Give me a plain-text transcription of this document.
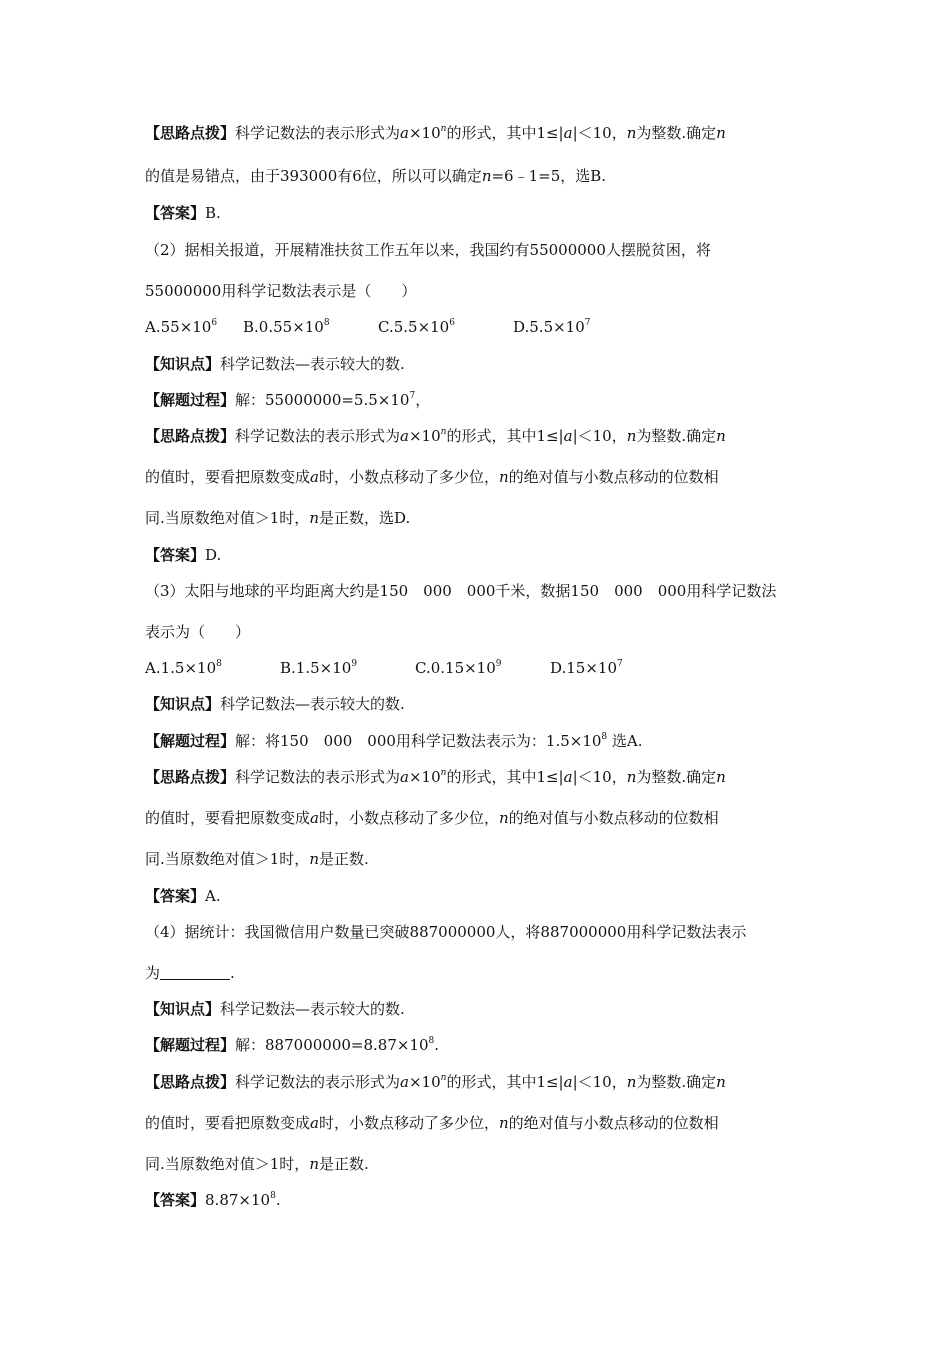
【思路点拨】科学记数法的表示形式为$a\times 10^n$的形式，其中1≤|a|＜10，n为整数.确定n
的值是易错点，由于393000有6位，所以可以确定n=6﹣1=5，选B.
【答案】B.
（2）据相关报道，开展精准扶贫工作五年以来，我国约有55000000人摆脱贫困，将
55000000用科学记数法表示是（　　）
$A.55\times 10^6$ $B.0.55\times 10^8$	$C.5.5\times 10^6$	$D.5.5\times 10^7$
【知识点】科学记数法—表示较大的数.
【解题过程】解：$55000000=5.5\times 10^7$，
【思路点拨】科学记数法的表示形式为$a\times 10^n$的形式，其中1≤|a|＜10，n为整数.确定n
的值时，要看把原数变成a时，小数点移动了多少位，n的绝对值与小数点移动的位数相
同.当原数绝对值＞1时，n是正数，选D.
【答案】D.
（3）太阳与地球的平均距离大约是150　000　000千米，数据150　000　000用科学记数法
表示为（　　）
$A.1.5\times 10^8$	$B.1.5\times 10^9$	$C.0.15\times 10^9$	$D.15\times 10^7$
【知识点】科学记数法—表示较大的数.
【解题过程】解：将150　000　000用科学记数法表示为：$1.5\times 10^8$ 选A.
【思路点拨】科学记数法的表示形式为$a\times 10^n$的形式，其中1≤|a|＜10，n为整数.确定n
的值时，要看把原数变成a时，小数点移动了多少位，n的绝对值与小数点移动的位数相
同.当原数绝对值＞1时，n是正数.
【答案】A.
（4）据统计：我国微信用户数量已突破887000000人，将887000000用科学记数法表示
为	.
【知识点】科学记数法—表示较大的数.
【解题过程】解：$887000000=8.87\times 10^8$.
【思路点拨】科学记数法的表示形式为$a\times 10^n$的形式，其中1≤|a|＜10，n为整数.确定n
的值时，要看把原数变成a时，小数点移动了多少位，n的绝对值与小数点移动的位数相
同.当原数绝对值＞1时，n是正数.
【答案】$8.87\times 10^8$.
